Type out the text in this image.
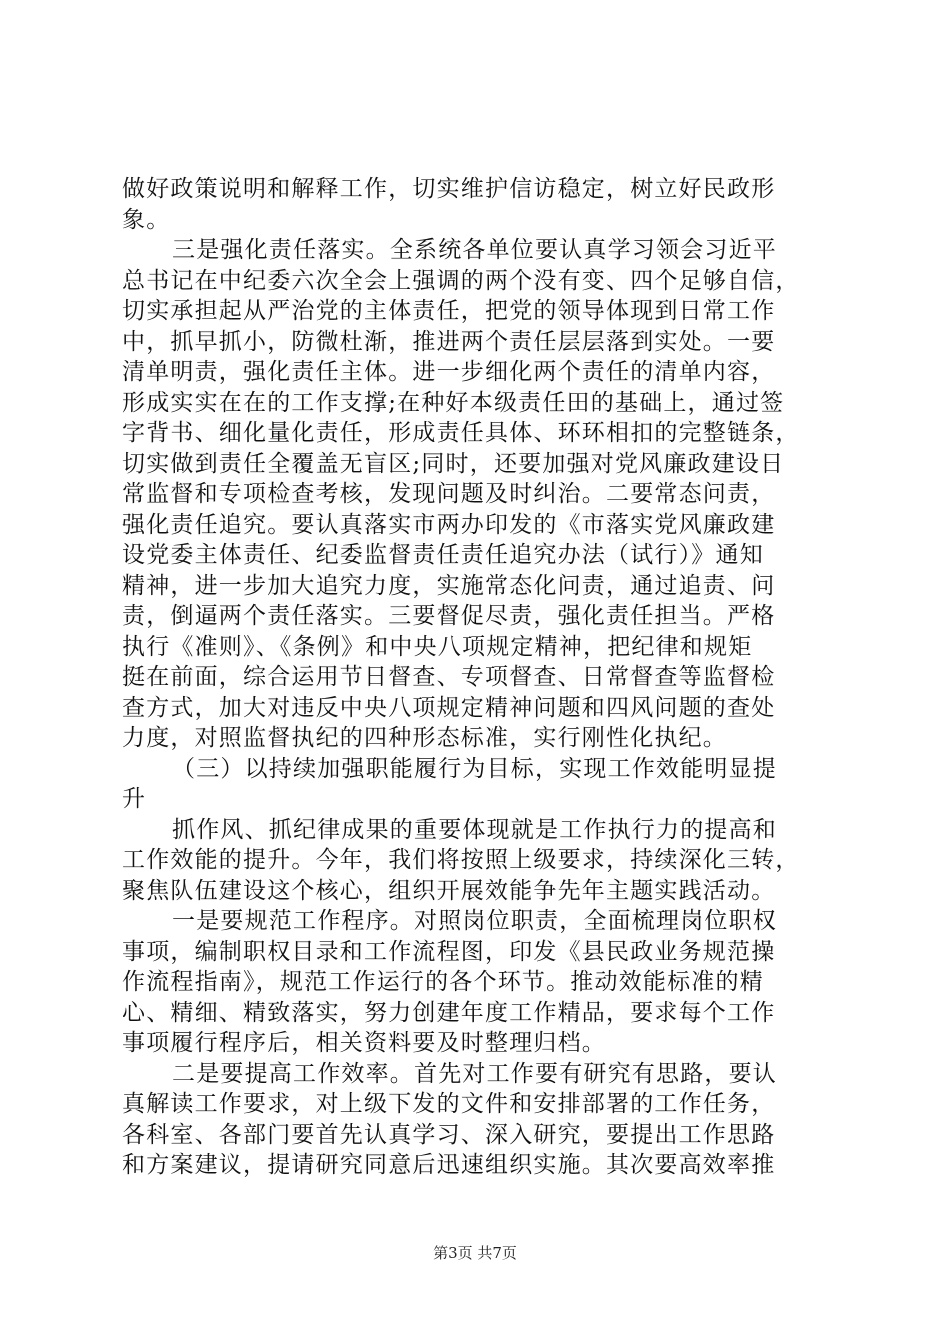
做好政策说明和解释工作，切实维护信访稳定，树立好民政形
象。
三是强化责任落实。全系统各单位要认真学习领会习近平
总书记在中纪委六次全会上强调的两个没有变、四个足够自信，
切实承担起从严治党的主体责任，把党的领导体现到日常工作
中，抓早抓小，防微杜渐，推进两个责任层层落到实处。一要
清单明责，强化责任主体。进一步细化两个责任的清单内容，
形成实实在在的工作支撑;在种好本级责任田的基础上，通过签
字背书、细化量化责任，形成责任具体、环环相扣的完整链条，
切实做到责任全覆盖无盲区;同时，还要加强对党风廉政建设日
常监督和专项检查考核，发现问题及时纠治。二要常态问责，
强化责任追究。要认真落实市两办印发的《市落实党风廉政建
设党委主体责任、纪委监督责任责任追究办法（试行）》通知
精神，进一步加大追究力度，实施常态化问责，通过追责、问
责，倒逼两个责任落实。三要督促尽责，强化责任担当。严格
执行《准则》、《条例》和中央八项规定精神，把纪律和规矩
挺在前面，综合运用节日督查、专项督查、日常督查等监督检
查方式，加大对违反中央八项规定精神问题和四风问题的查处
力度，对照监督执纪的四种形态标准，实行刚性化执纪。
（三）以持续加强职能履行为目标，实现工作效能明显提
升
抓作风、抓纪律成果的重要体现就是工作执行力的提高和
工作效能的提升。今年，我们将按照上级要求，持续深化三转，
聚焦队伍建设这个核心，组织开展效能争先年主题实践活动。
一是要规范工作程序。对照岗位职责，全面梳理岗位职权
事项，编制职权目录和工作流程图，印发《县民政业务规范操
作流程指南》，规范工作运行的各个环节。推动效能标准的精
心、精细、精致落实，努力创建年度工作精品，要求每个工作
事项履行程序后，相关资料要及时整理归档。
二是要提高工作效率。首先对工作要有研究有思路，要认
真解读工作要求，对上级下发的文件和安排部署的工作任务，
各科室、各部门要首先认真学习、深入研究，要提出工作思路
和方案建议，提请研究同意后迅速组织实施。其次要高效率推
第3页 共7页
